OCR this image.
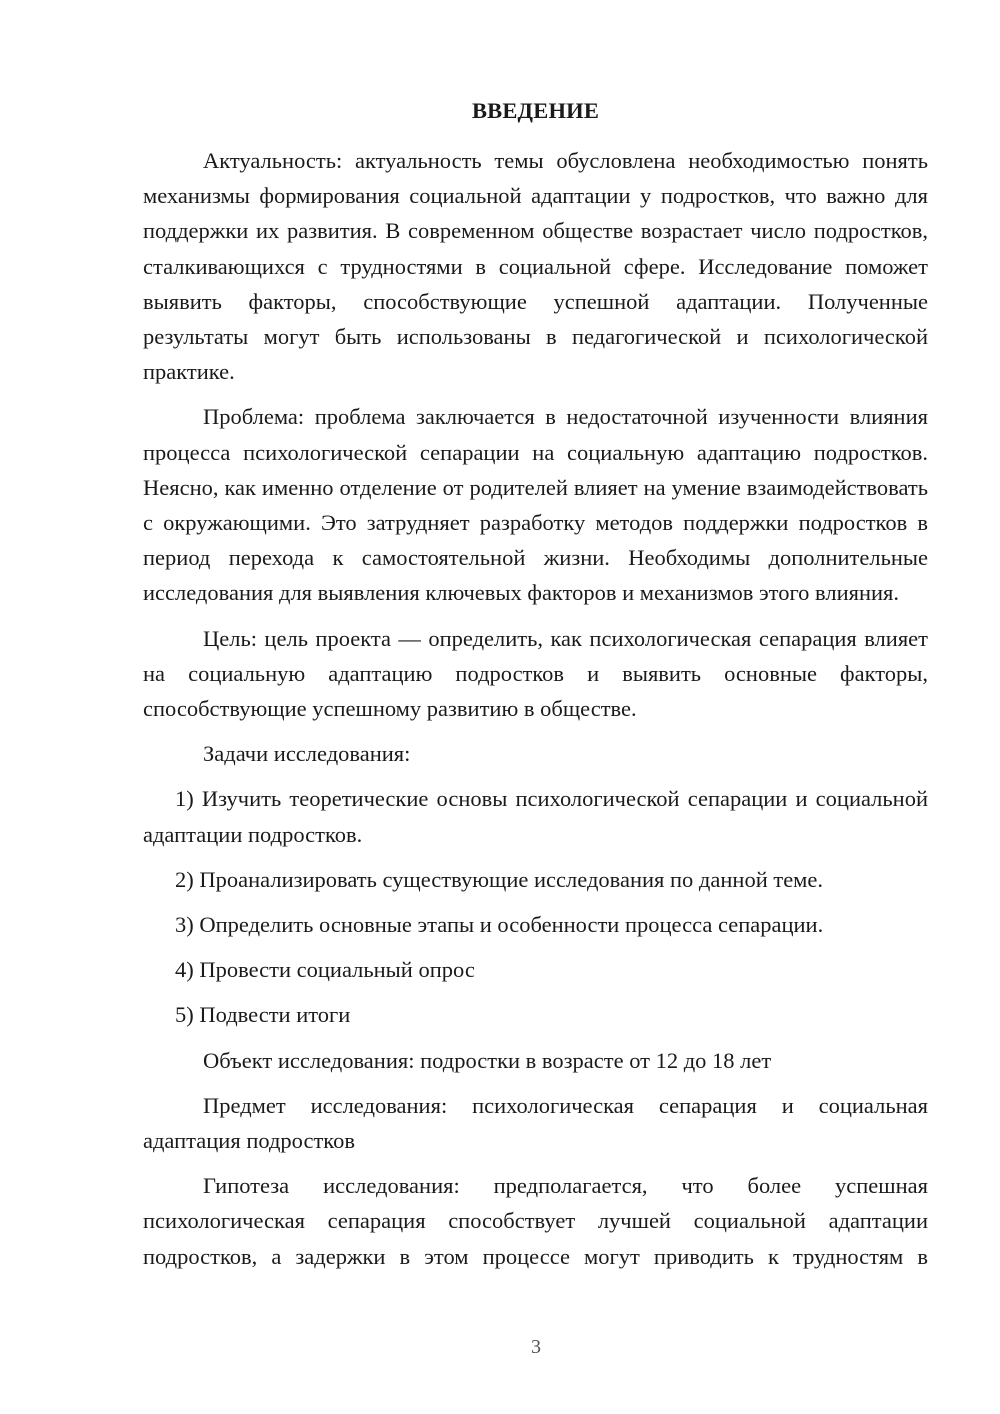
ВВЕДЕНИЕ

Актуальность: актуальность темы обусловлена необходимостью понять механизмы формирования социальной адаптации у подростков, что важно для поддержки их развития. В современном обществе возрастает число подростков, сталкивающихся с трудностями в социальной сфере. Исследование поможет выявить факторы, способствующие успешной адаптации. Полученные результаты могут быть использованы в педагогической и психологической практике.

Проблема: проблема заключается в недостаточной изученности влияния процесса психологической сепарации на социальную адаптацию подростков. Неясно, как именно отделение от родителей влияет на умение взаимодействовать с окружающими. Это затрудняет разработку методов поддержки подростков в период перехода к самостоятельной жизни. Необходимы дополнительные исследования для выявления ключевых факторов и механизмов этого влияния.

Цель: цель проекта — определить, как психологическая сепарация влияет на социальную адаптацию подростков и выявить основные факторы, способствующие успешному развитию в обществе.

Задачи исследования:

1) Изучить теоретические основы психологической сепарации и социальной адаптации подростков.

2) Проанализировать существующие исследования по данной теме.

3) Определить основные этапы и особенности процесса сепарации.

4) Провести социальный опрос

5) Подвести итоги

Объект исследования: подростки в возрасте от 12 до 18 лет

Предмет исследования: психологическая сепарация и социальная адаптация подростков

Гипотеза исследования: предполагается, что более успешная психологическая сепарация способствует лучшей социальной адаптации подростков, а задержки в этом процессе могут приводить к трудностям в

3
